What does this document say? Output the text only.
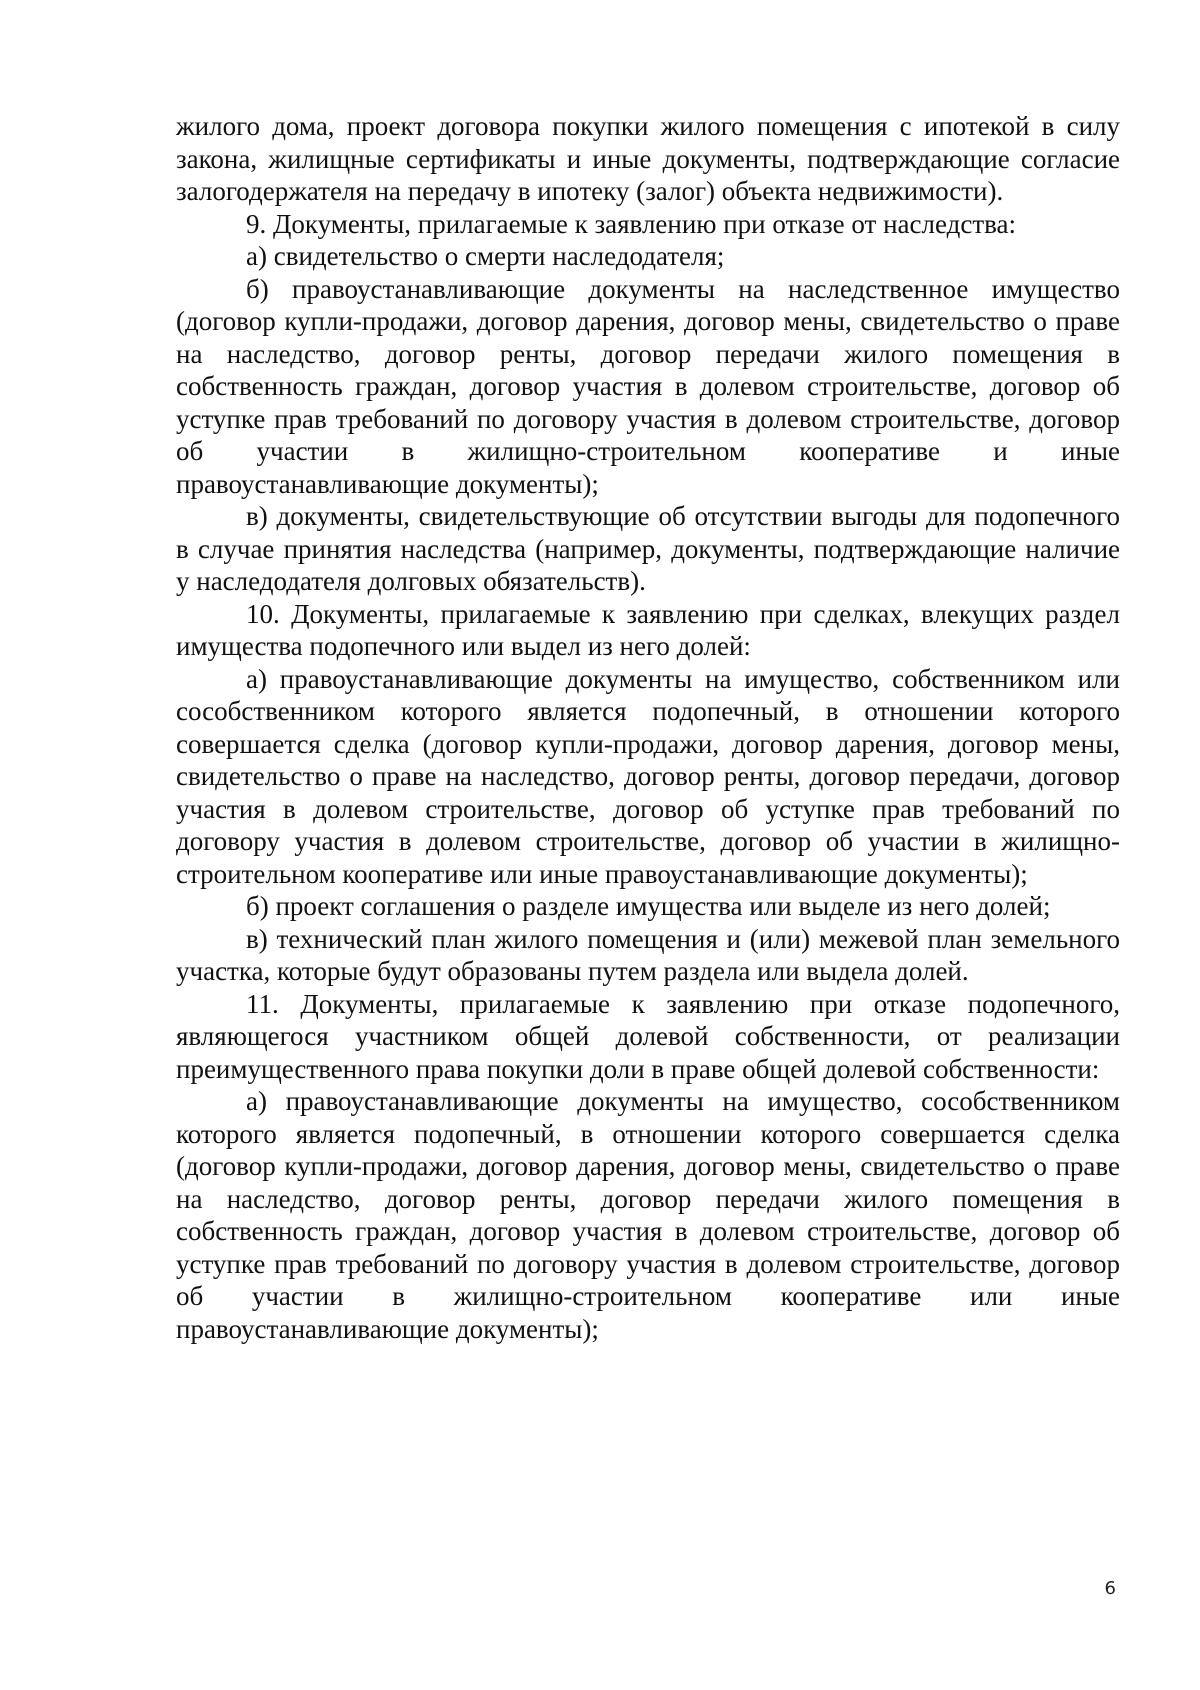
жилого дома, проект договора покупки жилого помещения с ипотекой в силу закона, жилищные сертификаты и иные документы, подтверждающие согласие залогодержателя на передачу в ипотеку (залог) объекта недвижимости).

9. Документы, прилагаемые к заявлению при отказе от наследства:

а) свидетельство о смерти наследодателя;

б) правоустанавливающие документы на наследственное имущество (договор купли-продажи, договор дарения, договор мены, свидетельство о праве на наследство, договор ренты, договор передачи жилого помещения в собственность граждан, договор участия в долевом строительстве, договор об уступке прав требований по договору участия в долевом строительстве, договор об участии в жилищно-строительном кооперативе и иные правоустанавливающие документы);

в) документы, свидетельствующие об отсутствии выгоды для подопечного в случае принятия наследства (например, документы, подтверждающие наличие у наследодателя долговых обязательств).

10. Документы, прилагаемые к заявлению при сделках, влекущих раздел имущества подопечного или выдел из него долей:

а) правоустанавливающие документы на имущество, собственником или сособственником которого является подопечный, в отношении которого совершается сделка (договор купли-продажи, договор дарения, договор мены, свидетельство о праве на наследство, договор ренты, договор передачи, договор участия в долевом строительстве, договор об уступке прав требований по договору участия в долевом строительстве, договор об участии в жилищно-строительном кооперативе или иные правоустанавливающие документы);

б) проект соглашения о разделе имущества или выделе из него долей;

в) технический план жилого помещения и (или) межевой план земельного участка, которые будут образованы путем раздела или выдела долей.

11. Документы, прилагаемые к заявлению при отказе подопечного, являющегося участником общей долевой собственности, от реализации преимущественного права покупки доли в праве общей долевой собственности:

а) правоустанавливающие документы на имущество, сособственником которого является подопечный, в отношении которого совершается сделка (договор купли-продажи, договор дарения, договор мены, свидетельство о праве на наследство, договор ренты, договор передачи жилого помещения в собственность граждан, договор участия в долевом строительстве, договор об уступке прав требований по договору участия в долевом строительстве, договор об участии в жилищно-строительном кооперативе или иные правоустанавливающие документы);

6
